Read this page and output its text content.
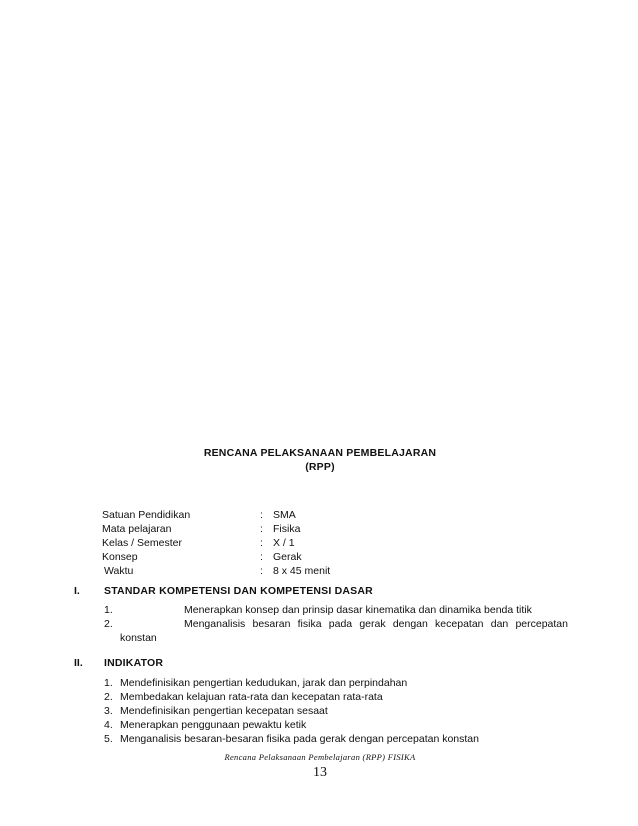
RENCANA PELAKSANAAN PEMBELAJARAN
(RPP)
Satuan Pendidikan	: SMA
Mata pelajaran	: Fisika
Kelas / Semester	: X / 1
Konsep	: Gerak
Waktu	: 8 x 45 menit
I. STANDAR KOMPETENSI DAN KOMPETENSI DASAR
1.	Menerapkan konsep dan prinsip dasar kinematika dan dinamika benda titik
2.	Menganalisis besaran fisika pada gerak dengan kecepatan dan percepatan
konstan
II. INDIKATOR
1. Mendefinisikan pengertian kedudukan, jarak dan perpindahan
2. Membedakan kelajuan rata-rata dan kecepatan rata-rata
3. Mendefinisikan pengertian kecepatan sesaat
4. Menerapkan penggunaan pewaktu ketik
5. Menganalisis besaran-besaran fisika pada gerak dengan percepatan konstan
Rencana Pelaksanaan Pembelajaran (RPP) FISIKA
13
